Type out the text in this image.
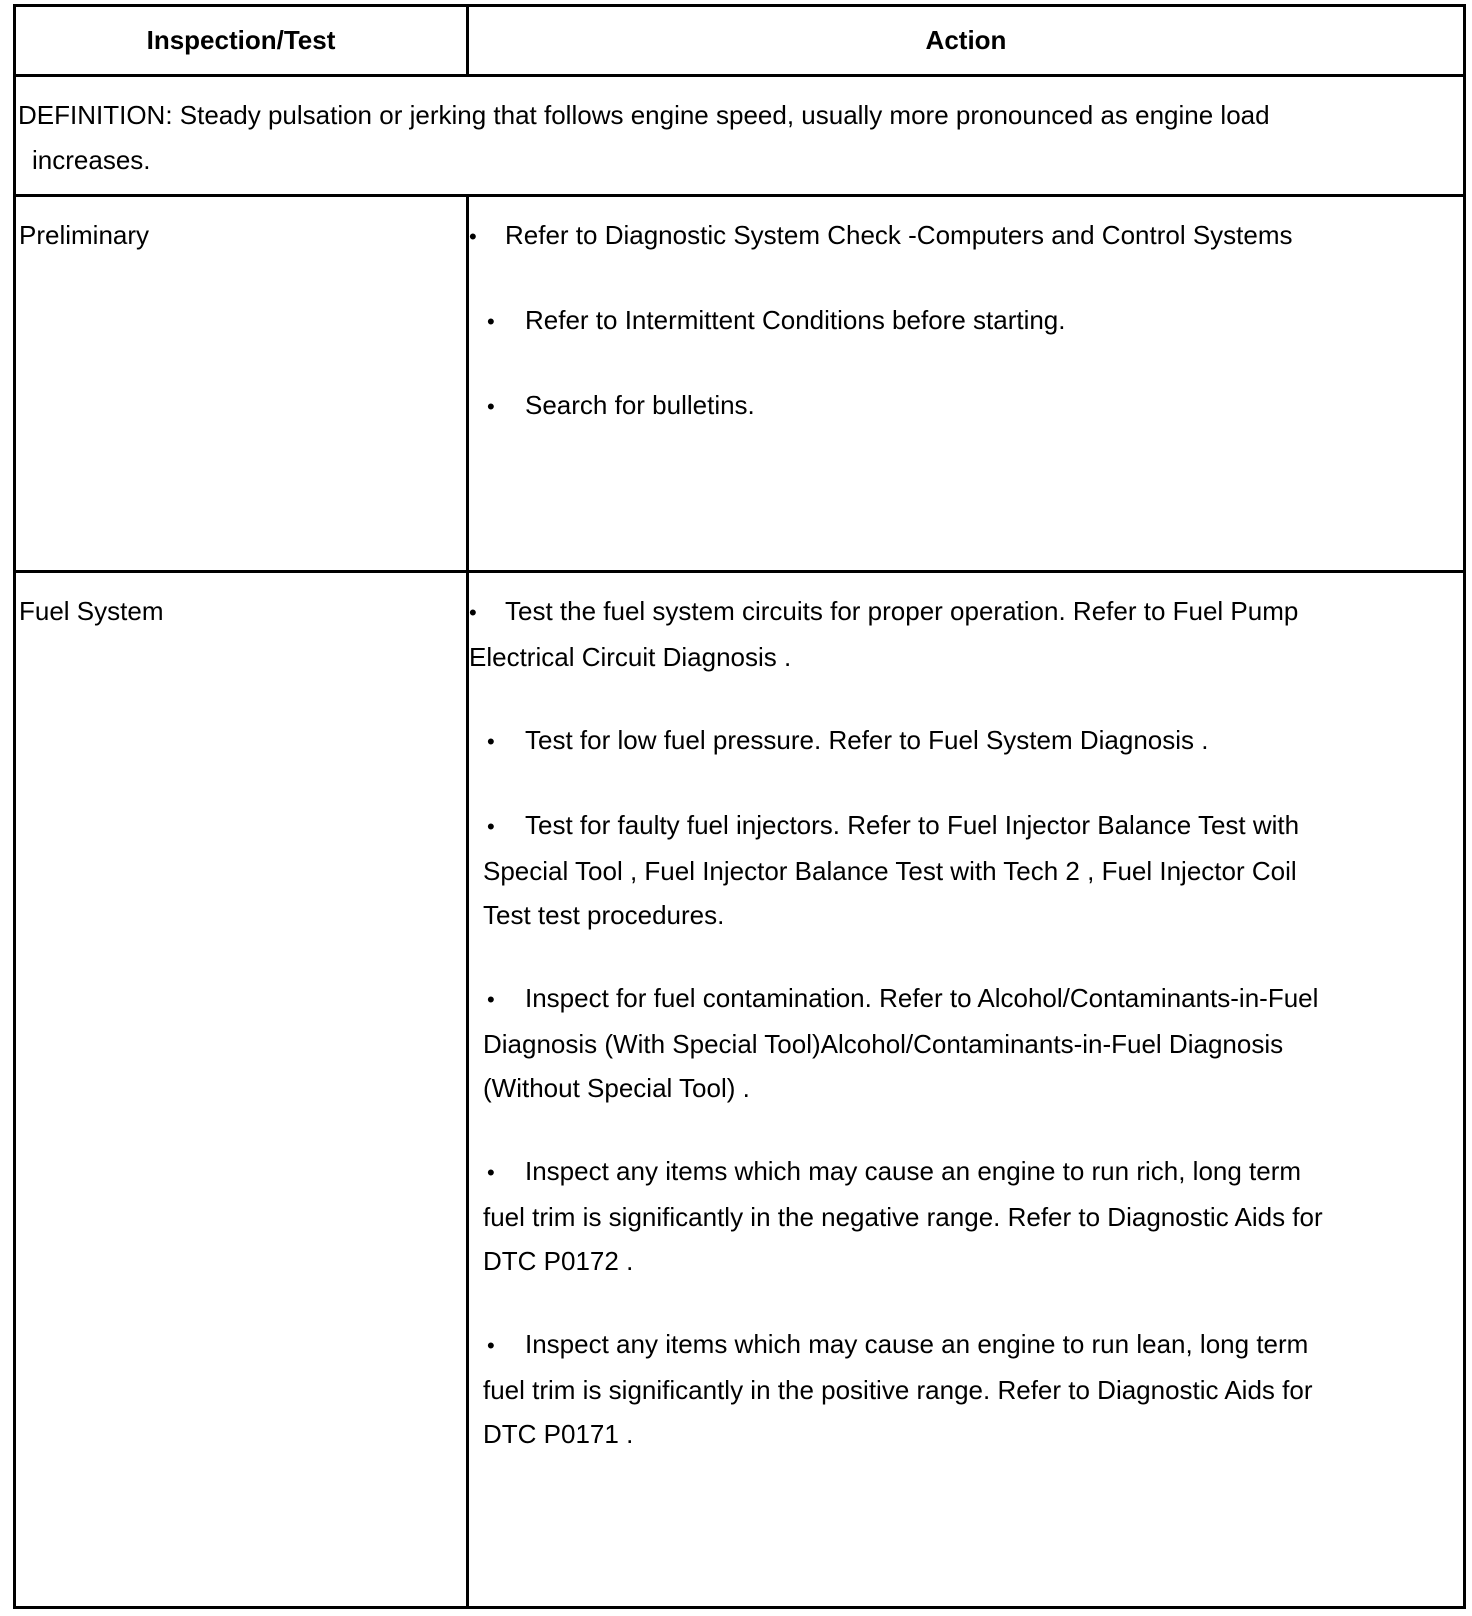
Inspection/Test	Action
DEFINITION: Steady pulsation or jerking that follows engine speed, usually more pronounced as engine load
increases.
Preliminary	• Refer to Diagnostic System Check -Computers and Control Systems
• Refer to Intermittent Conditions before starting.
• Search for bulletins.
Fuel System	• Test the fuel system circuits for proper operation. Refer to Fuel Pump Electrical Circuit Diagnosis .
• Test for low fuel pressure. Refer to Fuel System Diagnosis .
• Test for faulty fuel injectors. Refer to Fuel Injector Balance Test with Special Tool , Fuel Injector Balance Test with Tech 2 , Fuel Injector Coil Test test procedures.
• Inspect for fuel contamination. Refer to Alcohol/Contaminants-in-Fuel Diagnosis (With Special Tool)Alcohol/Contaminants-in-Fuel Diagnosis (Without Special Tool) .
• Inspect any items which may cause an engine to run rich, long term fuel trim is significantly in the negative range. Refer to Diagnostic Aids for DTC P0172 .
• Inspect any items which may cause an engine to run lean, long term fuel trim is significantly in the positive range. Refer to Diagnostic Aids for DTC P0171 .
